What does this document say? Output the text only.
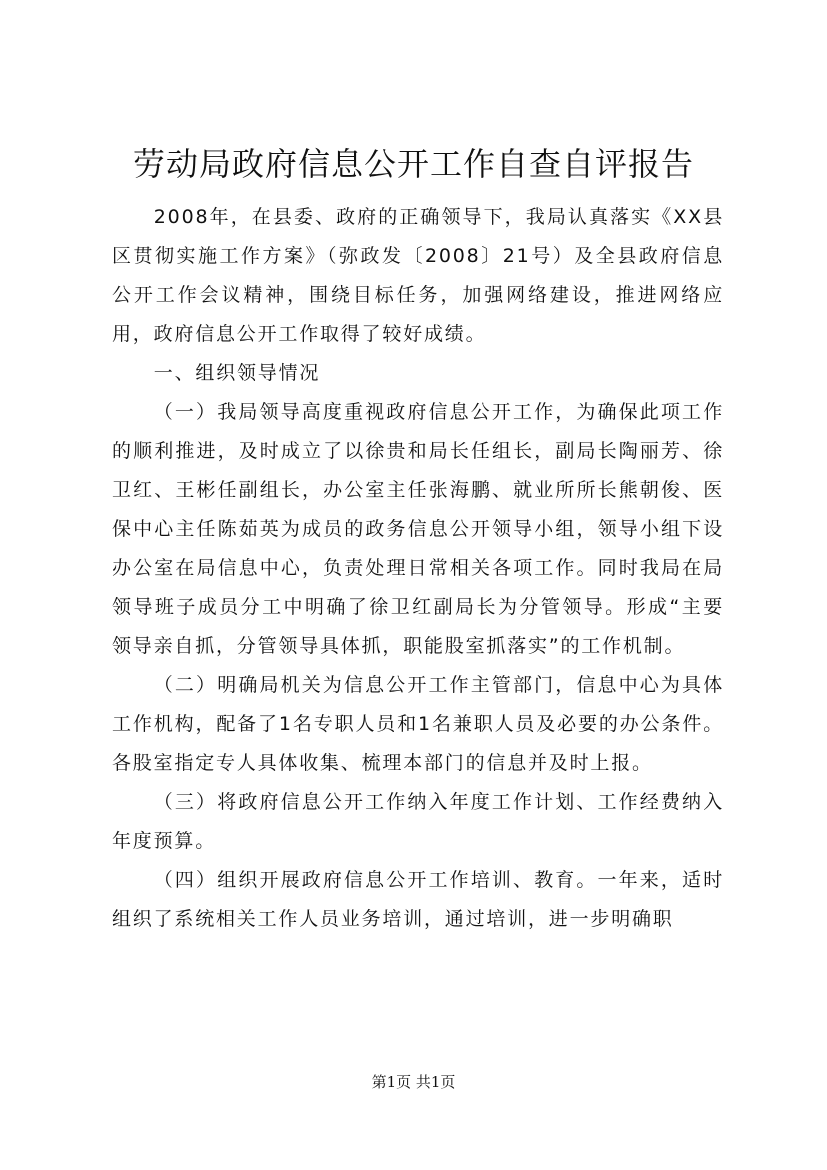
劳动局政府信息公开工作自查自评报告

2008年，在县委、政府的正确领导下，我局认真落实《XX县区贯彻实施工作方案》（弥政发〔2008〕21号）及全县政府信息公开工作会议精神，围绕目标任务，加强网络建设，推进网络应用，政府信息公开工作取得了较好成绩。

一、组织领导情况

（一）我局领导高度重视政府信息公开工作，为确保此项工作的顺利推进，及时成立了以徐贵和局长任组长，副局长陶丽芳、徐卫红、王彬任副组长，办公室主任张海鹏、就业所所长熊朝俊、医保中心主任陈茹英为成员的政务信息公开领导小组，领导小组下设办公室在局信息中心，负责处理日常相关各项工作。同时我局在局领导班子成员分工中明确了徐卫红副局长为分管领导。形成“主要领导亲自抓，分管领导具体抓，职能股室抓落实”的工作机制。

（二）明确局机关为信息公开工作主管部门，信息中心为具体工作机构，配备了1名专职人员和1名兼职人员及必要的办公条件。各股室指定专人具体收集、梳理本部门的信息并及时上报。

（三）将政府信息公开工作纳入年度工作计划、工作经费纳入年度预算。

（四）组织开展政府信息公开工作培训、教育。一年来，适时组织了系统相关工作人员业务培训，通过培训，进一步明确职

第1页 共1页
